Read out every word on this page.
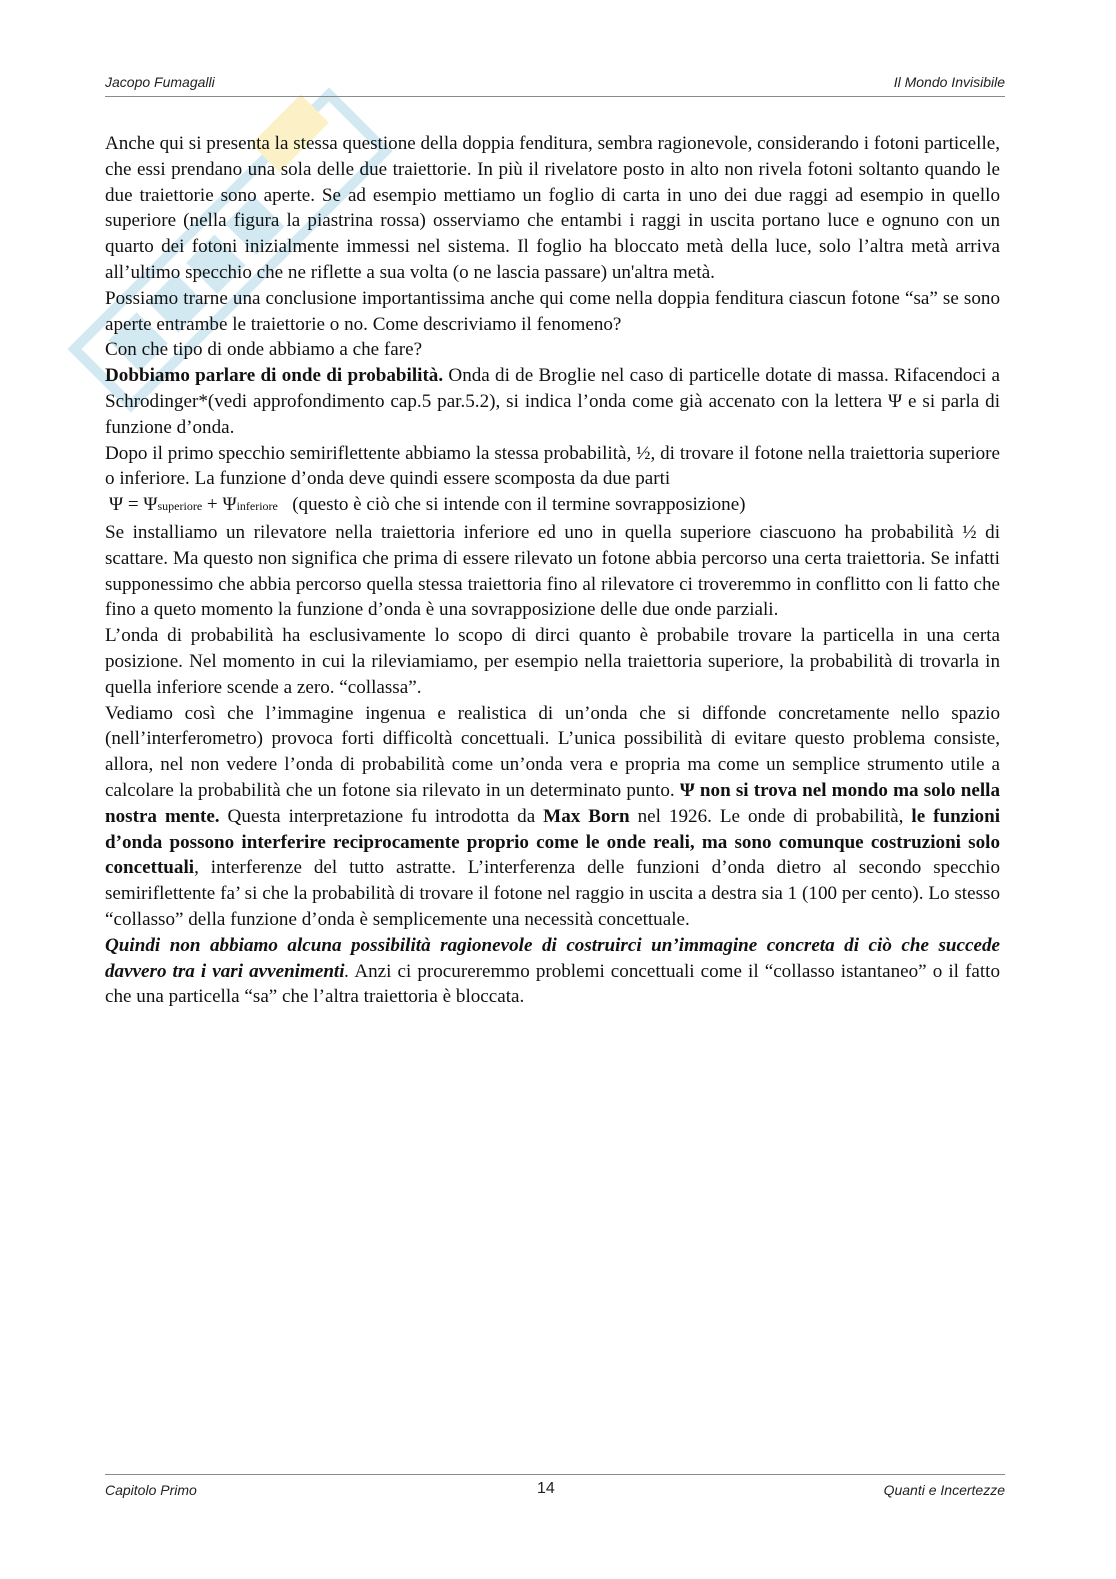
Jacopo Fumagalli	Il Mondo Invisibile

Anche qui si presenta la stessa questione della doppia fenditura, sembra ragionevole, considerando i fotoni particelle, che essi prendano una sola delle due traiettorie. In più il rivelatore posto in alto non rivela fotoni soltanto quando le due traiettorie sono aperte. Se ad esempio mettiamo un foglio di carta in uno dei due raggi ad esempio in quello superiore (nella figura la piastrina rossa) osserviamo che entambi i raggi in uscita portano luce e ognuno con un quarto dei fotoni inizialmente immessi nel sistema. Il foglio ha bloccato metà della luce, solo l’altra metà arriva all’ultimo specchio che ne riflette a sua volta (o ne lascia passare) un'altra metà.

Possiamo trarne una conclusione importantissima anche qui come nella doppia fenditura ciascun fotone “sa” se sono aperte entrambe le traiettorie o no. Come descriviamo il fenomeno?

Con che tipo di onde abbiamo a che fare?

Dobbiamo parlare di onde di probabilità. Onda di de Broglie nel caso di particelle dotate di massa. Rifacendoci a Schrodinger*(vedi approfondimento cap.5 par.5.2), si indica l’onda come già accenato con la lettera Ψ e si parla di funzione d’onda.

Dopo il primo specchio semiriflettente abbiamo la stessa probabilità, ½, di trovare il fotone nella traiettoria superiore o inferiore. La funzione d’onda deve quindi essere scomposta da due parti

Ψ = Ψsuperiore + Ψinferiore   (questo è ciò che si intende con il termine sovrapposizione)

Se installiamo un rilevatore nella traiettoria inferiore ed uno in quella superiore ciascuono ha probabilità ½ di scattare. Ma questo non significa che prima di essere rilevato un fotone abbia percorso una certa traiettoria. Se infatti supponessimo che abbia percorso quella stessa traiettoria fino al rilevatore ci troveremmo in conflitto con li fatto che fino a queto momento la funzione d’onda è una sovrapposizione delle due onde parziali.

L’onda di probabilità ha esclusivamente lo scopo di dirci quanto è probabile trovare la particella in una certa posizione. Nel momento in cui la rileviamiamo, per esempio nella traiettoria superiore, la probabilità di trovarla in quella inferiore scende a zero. “collassa”.

Vediamo così che l’immagine ingenua e realistica di un’onda che si diffonde concretamente nello spazio (nell’interferometro) provoca forti difficoltà concettuali. L’unica possibilità di evitare questo problema consiste, allora, nel non vedere l’onda di probabilità come un’onda vera e propria ma come un semplice strumento utile a calcolare la probabilità che un fotone sia rilevato in un determinato punto. Ψ non si trova nel mondo ma solo nella nostra mente. Questa interpretazione fu introdotta da Max Born nel 1926. Le onde di probabilità, le funzioni d’onda possono interferire reciprocamente proprio come le onde reali, ma sono comunque costruzioni solo concettuali, interferenze del tutto astratte. L’interferenza delle funzioni d’onda dietro al secondo specchio semiriflettente fa’ si che la probabilità di trovare il fotone nel raggio in uscita a destra sia 1 (100 per cento). Lo stesso “collasso” della funzione d’onda è semplicemente una necessità concettuale.

Quindi non abbiamo alcuna possibilità ragionevole di costruirci un’immagine concreta di ciò che succede davvero tra i vari avvenimenti. Anzi ci procureremmo problemi concettuali come il “collasso istantaneo” o il fatto che una particella “sa” che l’altra traiettoria è bloccata.

Capitolo Primo	14	Quanti e Incertezze
